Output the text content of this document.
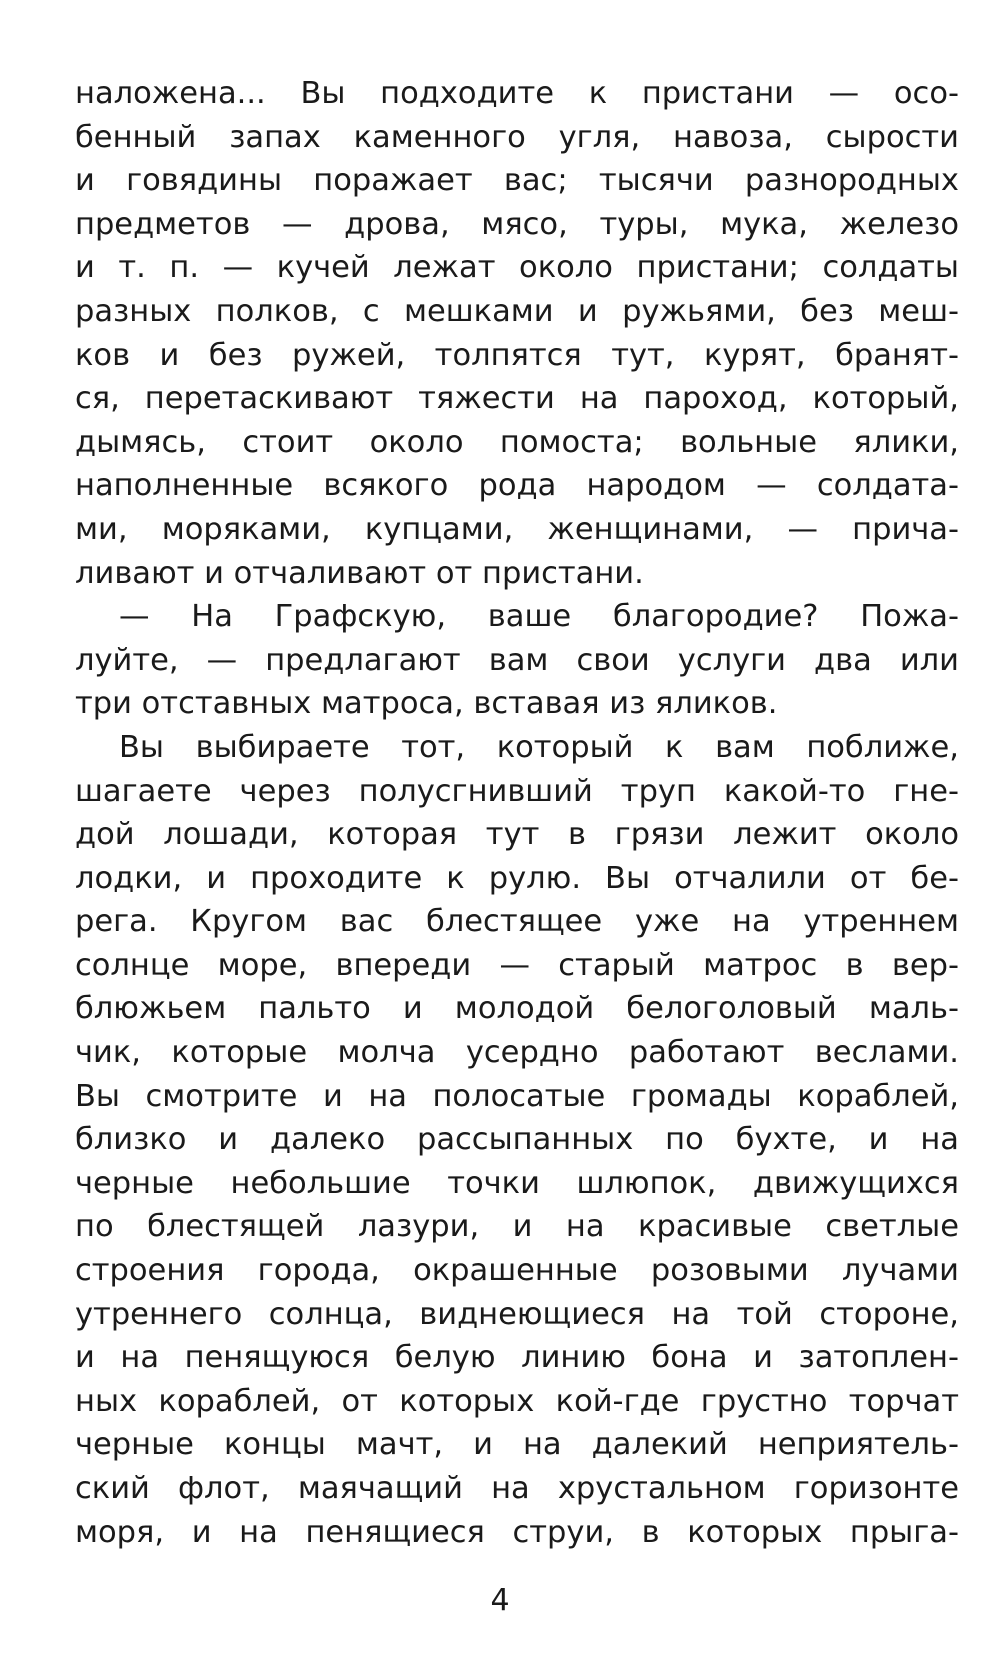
наложена... Вы подходите к пристани — осо-
бенный запах каменного угля, навоза, сырости
и говядины поражает вас; тысячи разнородных
предметов — дрова, мясо, туры, мука, железо
и т. п. — кучей лежат около пристани; солдаты
разных полков, с мешками и ружьями, без меш-
ков и без ружей, толпятся тут, курят, бранят-
ся, перетаскивают тяжести на пароход, который,
дымясь, стоит около помоста; вольные ялики,
наполненные всякого рода народом — солдата-
ми, моряками, купцами, женщинами, — прича-
ливают и отчаливают от пристани.
— На Графскую, ваше благородие? Пожа-
луйте, — предлагают вам свои услуги два или
три отставных матроса, вставая из яликов.
Вы выбираете тот, который к вам поближе,
шагаете через полусгнивший труп какой-то гне-
дой лошади, которая тут в грязи лежит около
лодки, и проходите к рулю. Вы отчалили от бе-
рега. Кругом вас блестящее уже на утреннем
солнце море, впереди — старый матрос в вер-
блюжьем пальто и молодой белоголовый маль-
чик, которые молча усердно работают веслами.
Вы смотрите и на полосатые громады кораблей,
близко и далеко рассыпанных по бухте, и на
черные небольшие точки шлюпок, движущихся
по блестящей лазури, и на красивые светлые
строения города, окрашенные розовыми лучами
утреннего солнца, виднеющиеся на той стороне,
и на пенящуюся белую линию бона и затоплен-
ных кораблей, от которых кой-где грустно торчат
черные концы мачт, и на далекий неприятель-
ский флот, маячащий на хрустальном горизонте
моря, и на пенящиеся струи, в которых прыга-
4
